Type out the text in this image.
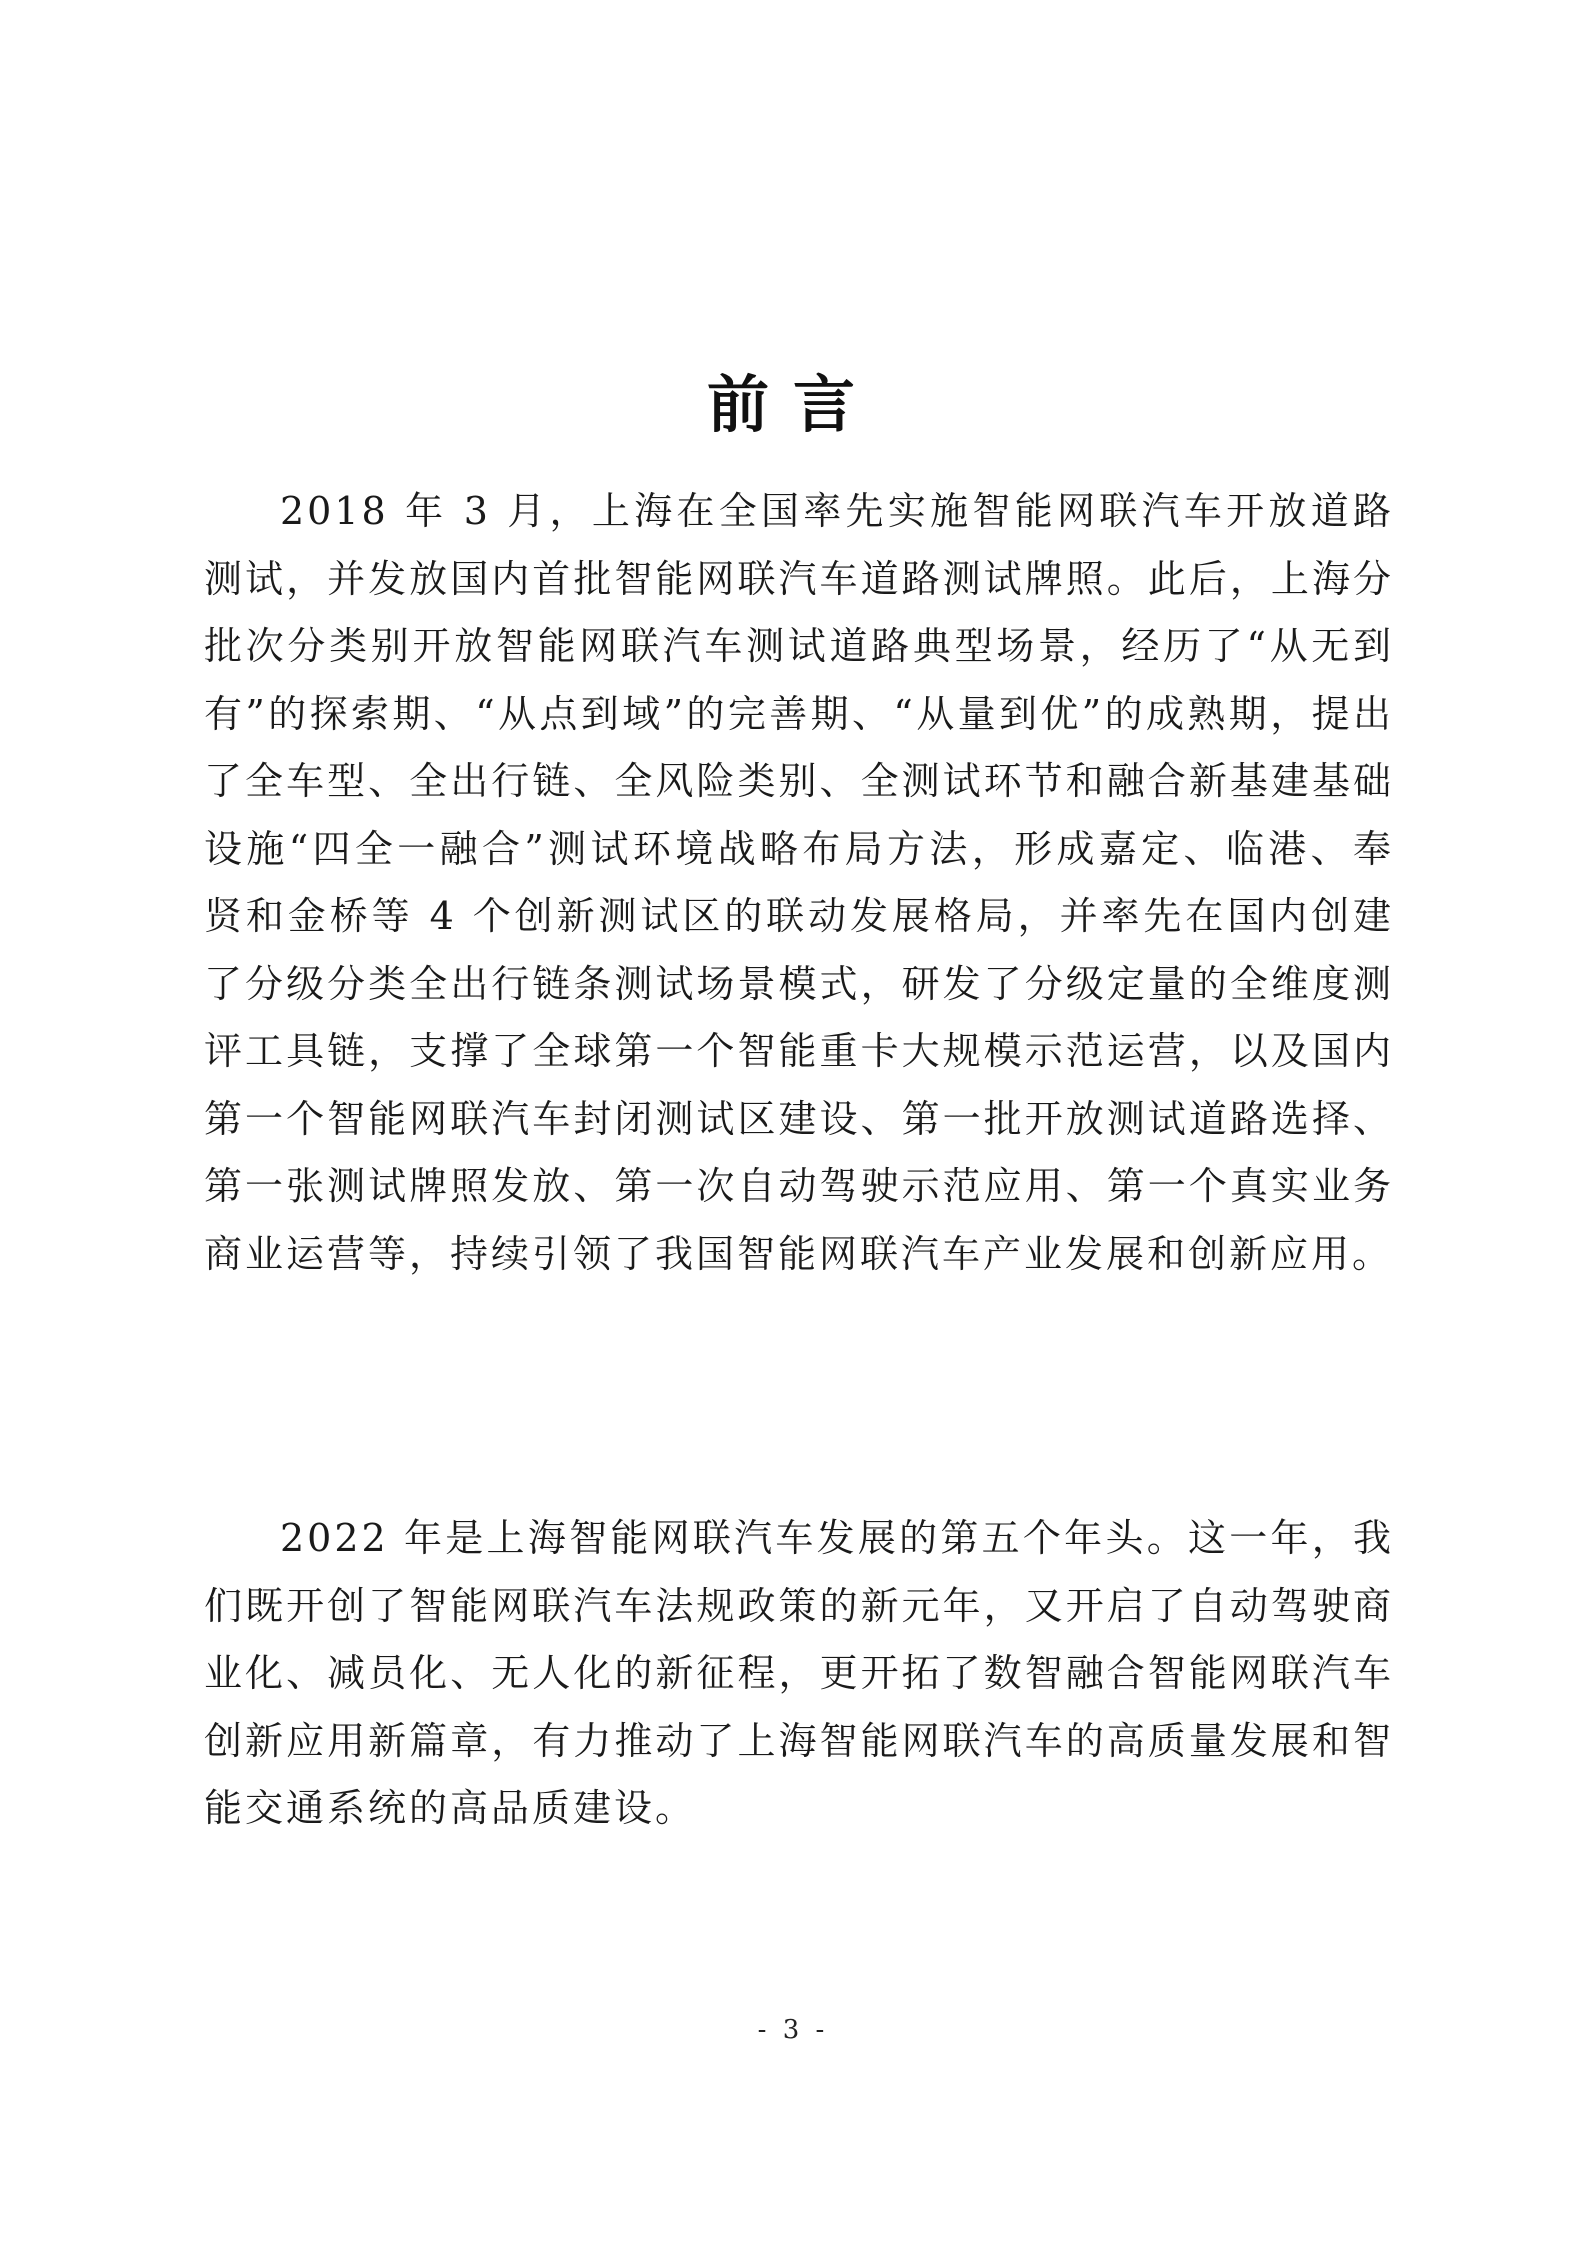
前言

2018 年 3 月，上海在全国率先实施智能网联汽车开放道路测试，并发放国内首批智能网联汽车道路测试牌照。此后，上海分批次分类别开放智能网联汽车测试道路典型场景，经历了“从无到有”的探索期、“从点到域”的完善期、“从量到优”的成熟期，提出了全车型、全出行链、全风险类别、全测试环节和融合新基建基础设施“四全一融合”测试环境战略布局方法，形成嘉定、临港、奉贤和金桥等 4 个创新测试区的联动发展格局，并率先在国内创建了分级分类全出行链条测试场景模式，研发了分级定量的全维度测评工具链，支撑了全球第一个智能重卡大规模示范运营，以及国内第一个智能网联汽车封闭测试区建设、第一批开放测试道路选择、第一张测试牌照发放、第一次自动驾驶示范应用、第一个真实业务商业运营等，持续引领了我国智能网联汽车产业发展和创新应用。

2022 年是上海智能网联汽车发展的第五个年头。这一年，我们既开创了智能网联汽车法规政策的新元年，又开启了自动驾驶商业化、减员化、无人化的新征程，更开拓了数智融合智能网联汽车创新应用新篇章，有力推动了上海智能网联汽车的高质量发展和智能交通系统的高品质建设。

- 3 -
